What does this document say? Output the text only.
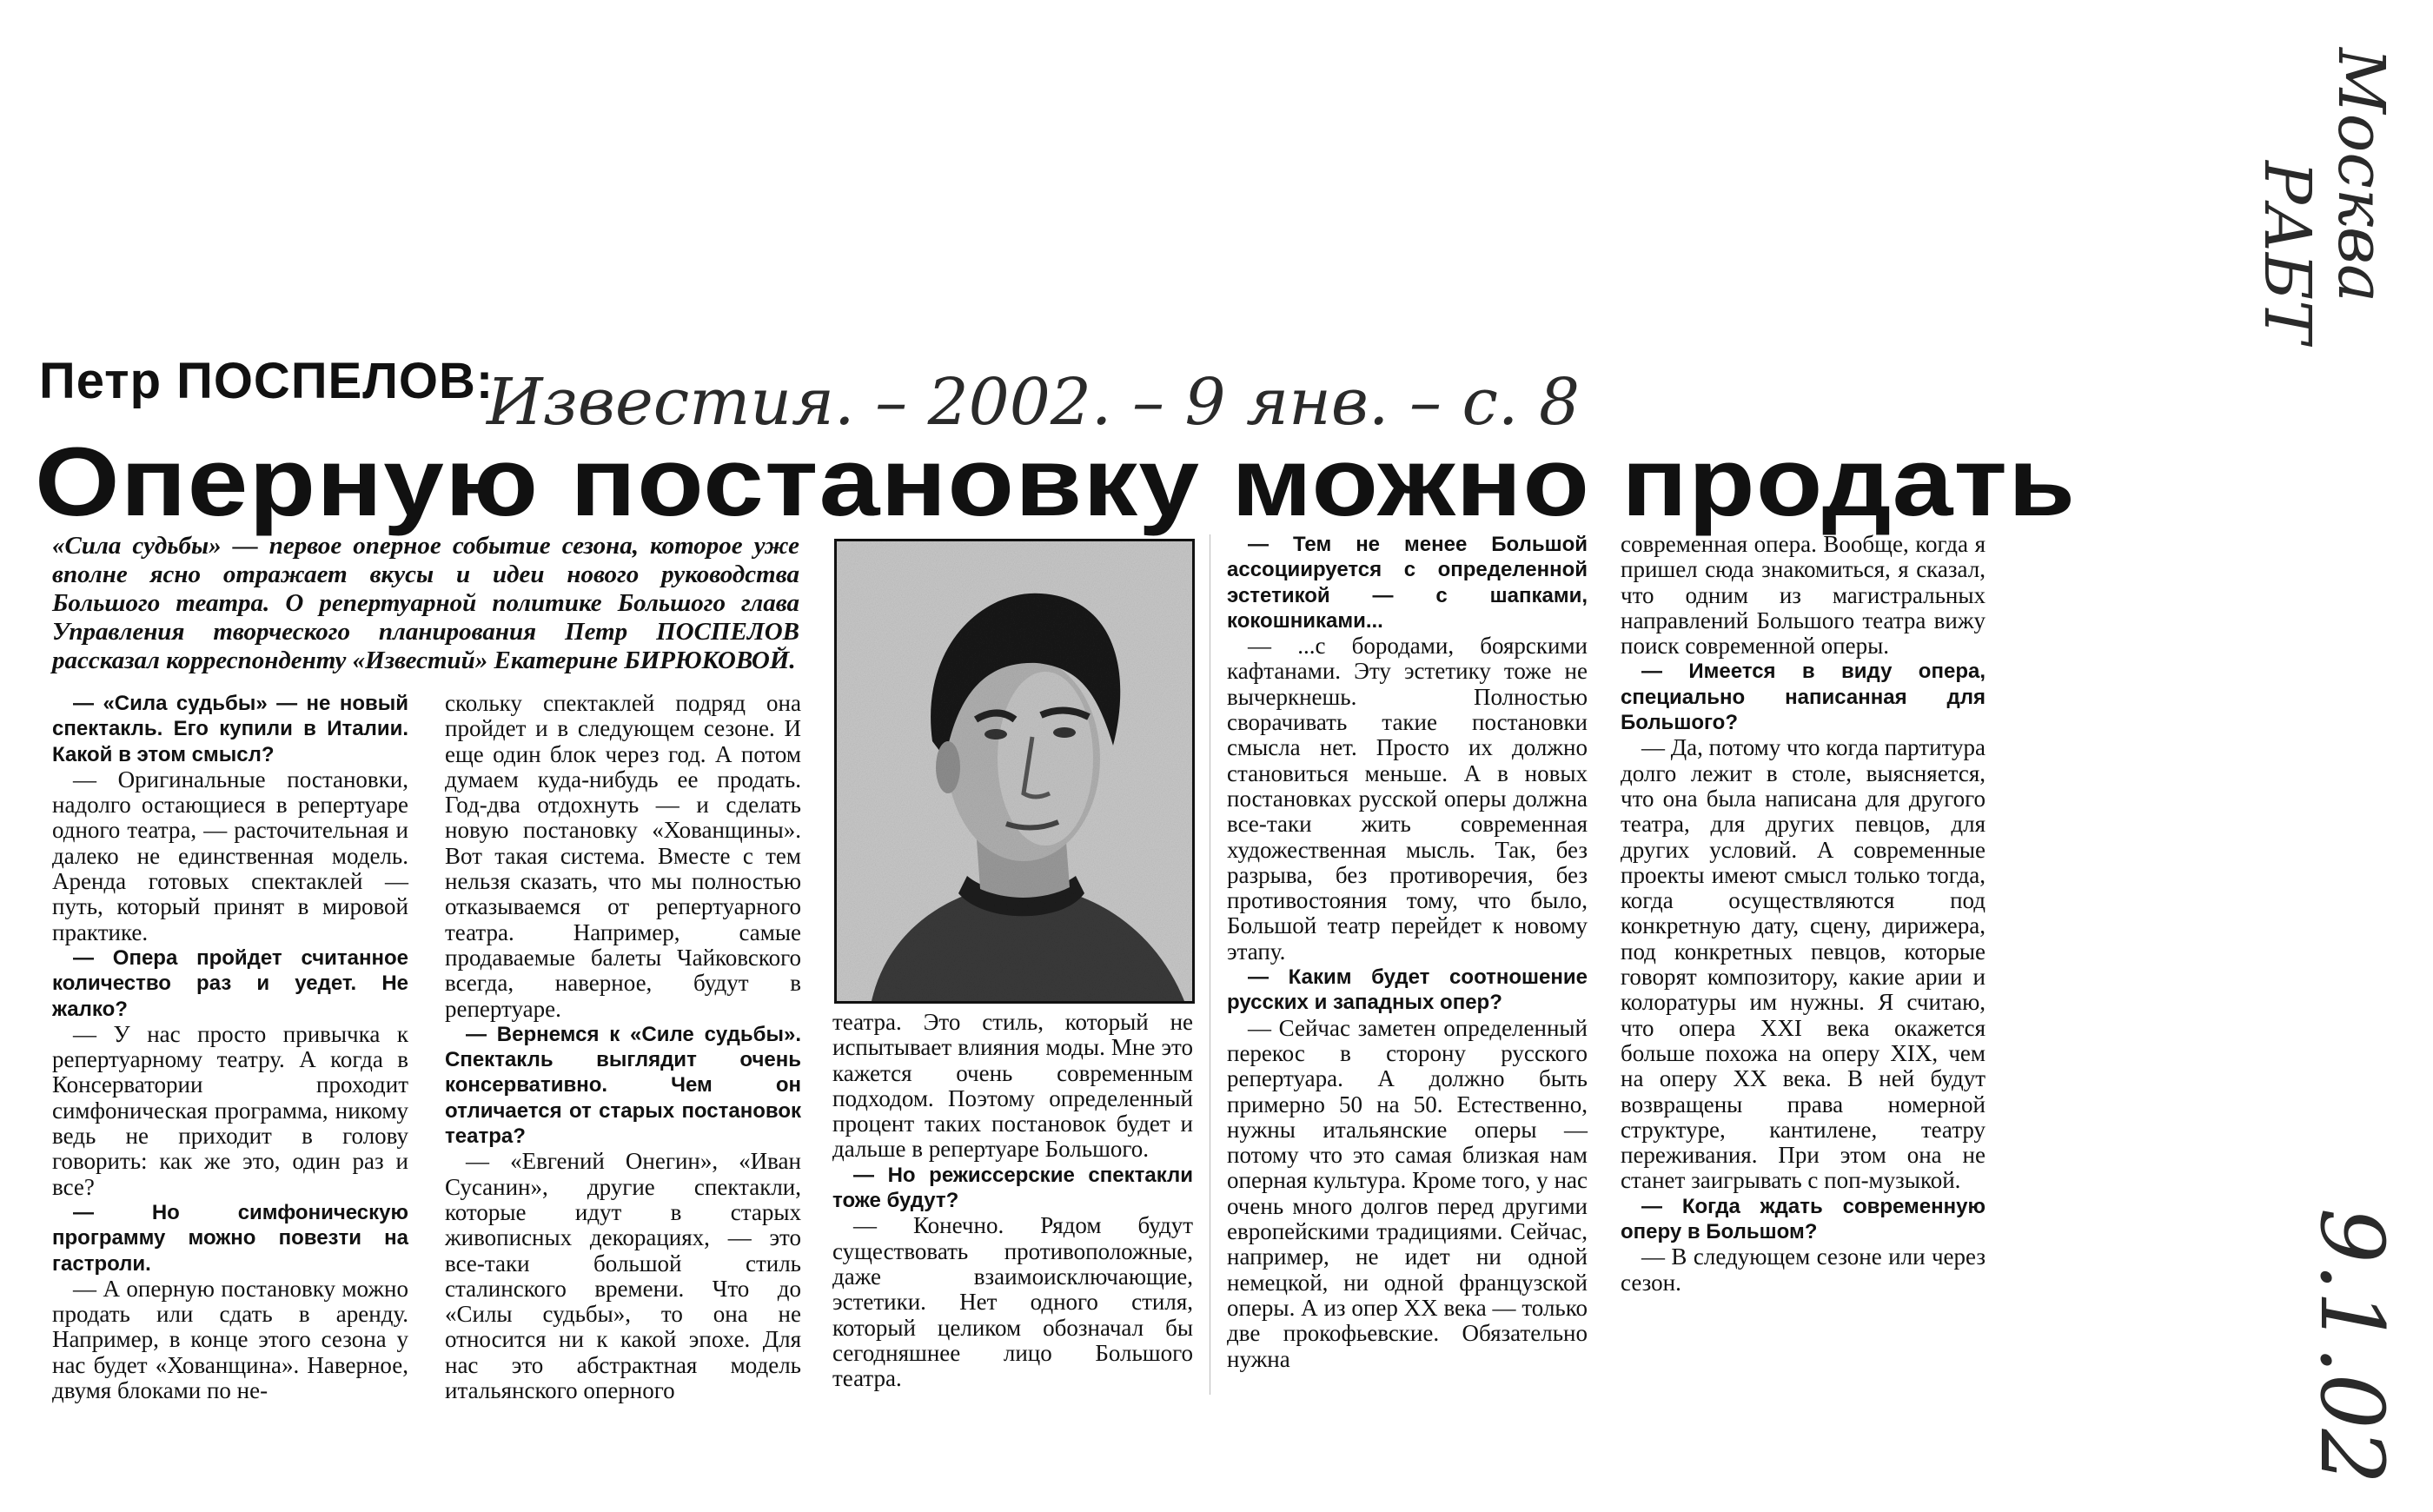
Москва
РАБТ
Известия. – 2002. – 9 янв. – с. 8
9.1.02
Петр ПОСПЕЛОВ:
Оперную постановку можно продать
«Сила судьбы» — первое оперное событие сезона, которое уже вполне ясно отражает вкусы и идеи нового руководства Большого театра. О репертуарной политике Большого глава Управления творческого планирования Петр ПОСПЕЛОВ рассказал корреспонденту «Известий» Екатерине БИРЮКОВОЙ.

— «Сила судьбы» — не новый спектакль. Его купили в Италии. Какой в этом смысл?

— Оригинальные постановки, надолго остающиеся в репертуаре одного театра, — расточительная и далеко не единственная модель. Аренда готовых спектаклей — путь, который принят в мировой практике.

— Опера пройдет считанное количество раз и уедет. Не жалко?

— У нас просто привычка к репертуарному театру. А когда в Консерватории проходит симфоническая программа, никому ведь не приходит в голову говорить: как же это, один раз и все?

— Но симфоническую программу можно повезти на гастроли.

— А оперную постановку можно продать или сдать в аренду. Например, в конце этого сезона у нас будет «Хованщина». Наверное, двумя блоками по не-

скольку спектаклей подряд она пройдет и в следующем сезоне. И еще один блок через год. А потом думаем куда-нибудь ее продать. Год-два отдохнуть — и сделать новую постановку «Хованщины». Вот такая система. Вместе с тем нельзя сказать, что мы полностью отказываемся от репертуарного театра. Например, самые продаваемые балеты Чайковского всегда, наверное, будут в репертуаре.

— Вернемся к «Силе судьбы». Спектакль выглядит очень консервативно. Чем он отличается от старых постановок театра?

— «Евгений Онегин», «Иван Сусанин», другие спектакли, которые идут в старых живописных декорациях, — это все-таки большой стиль сталинского времени. Что до «Силы судьбы», то она не относится ни к какой эпохе. Для нас это абстрактная модель итальянского оперного

театра. Это стиль, который не испытывает влияния моды. Мне это кажется очень современным подходом. Поэтому определенный процент таких постановок будет и дальше в репертуаре Большого.

— Но режиссерские спектакли тоже будут?

— Конечно. Рядом будут существовать противоположные, даже взаимоисключающие, эстетики. Нет одного стиля, который целиком обозначал бы сегодняшнее лицо Большого театра.

— Тем не менее Большой ассоциируется с определенной эстетикой — с шапками, кокошниками...

— ...с бородами, боярскими кафтанами. Эту эстетику тоже не вычеркнешь. Полностью сворачивать такие постановки смысла нет. Просто их должно становиться меньше. А в новых постановках русской оперы должна все-таки жить современная художественная мысль. Так, без разрыва, без противоречия, без противостояния тому, что было, Большой театр перейдет к новому этапу.

— Каким будет соотношение русских и западных опер?

— Сейчас заметен определенный перекос в сторону русского репертуара. А должно быть примерно 50 на 50. Естественно, нужны итальянские оперы — потому что это самая близкая нам оперная культура. Кроме того, у нас очень много долгов перед другими европейскими традициями. Сейчас, например, не идет ни одной немецкой, ни одной французской оперы. А из опер XX века — только две прокофьевские. Обязательно нужна

современная опера. Вообще, когда я пришел сюда знакомиться, я сказал, что одним из магистральных направлений Большого театра вижу поиск современной оперы.

— Имеется в виду опера, специально написанная для Большого?

— Да, потому что когда партитура долго лежит в столе, выясняется, что она была написана для другого театра, для других певцов, для других условий. А современные проекты имеют смысл только тогда, когда осуществляются под конкретную дату, сцену, дирижера, под конкретных певцов, которые говорят композитору, какие арии и колоратуры им нужны. Я считаю, что опера XXI века окажется больше похожа на оперу XIX, чем на оперу XX века. В ней будут возвращены права номерной структуре, кантилене, театру переживания. При этом она не станет заигрывать с поп-музыкой.

— Когда ждать современную оперу в Большом?

— В следующем сезоне или через сезон.
